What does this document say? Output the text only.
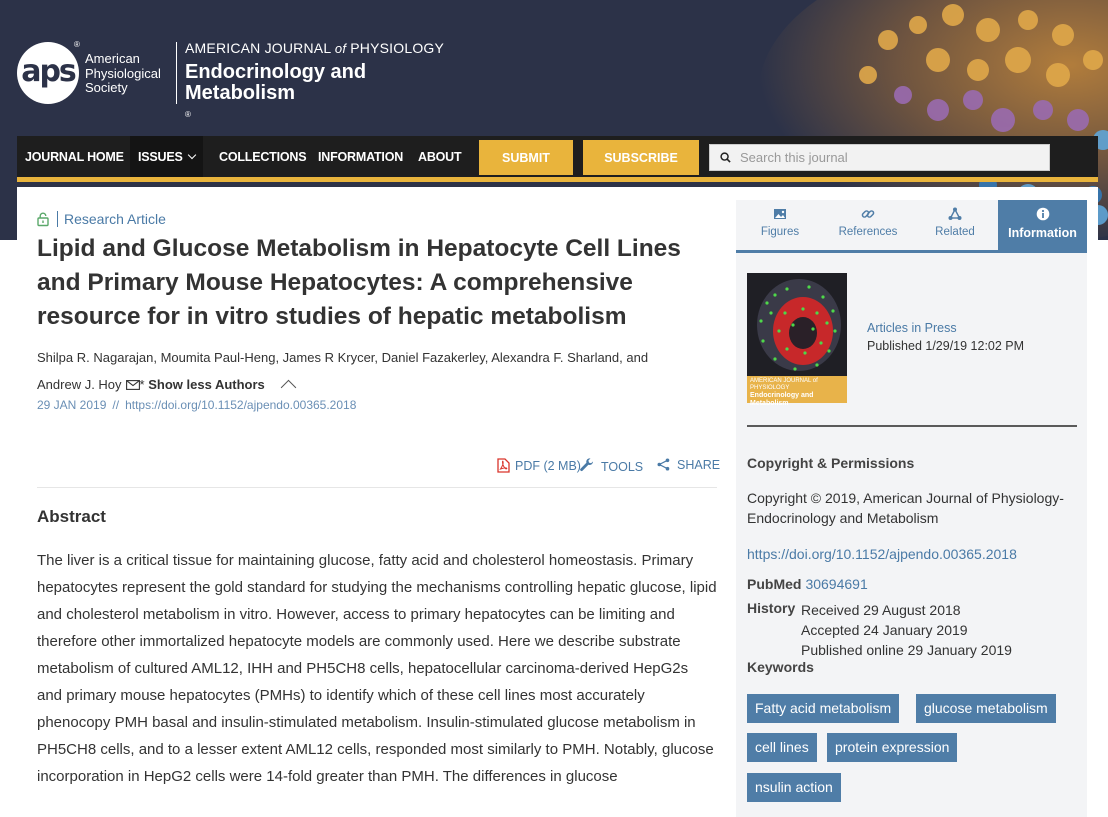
aps
®
American
Physiological
Society
AMERICAN JOURNAL of PHYSIOLOGY
Endocrinology and
Metabolism
®
JOURNAL HOME	ISSUES	COLLECTIONS INFORMATION ABOUT	SUBMIT	SUBSCRIBE
Search this journal
Research Article
Lipid and Glucose Metabolism in Hepatocyte Cell Lines and Primary Mouse Hepatocytes: A comprehensive resource for in vitro studies of hepatic metabolism
Shilpa R. Nagarajan, Moumita Paul-Heng, James R Krycer, Daniel Fazakerley, Alexandra F. Sharland, and
Andrew J. Hoy * Show less Authors
29 JAN 2019 // https://doi.org/10.1152/ajpendo.00365.2018
PDF (2 MB)	TOOLS	SHARE
Abstract
The liver is a critical tissue for maintaining glucose, fatty acid and cholesterol homeostasis. Primary hepatocytes represent the gold standard for studying the mechanisms controlling hepatic glucose, lipid and cholesterol metabolism in vitro. However, access to primary hepatocytes can be limiting and therefore other immortalized hepatocyte models are commonly used. Here we describe substrate metabolism of cultured AML12, IHH and PH5CH8 cells, hepatocellular carcinoma-derived HepG2s and primary mouse hepatocytes (PMHs) to identify which of these cell lines most accurately phenocopy PMH basal and insulin-stimulated metabolism. Insulin-stimulated glucose metabolism in PH5CH8 cells, and to a lesser extent AML12 cells, responded most similarly to PMH. Notably, glucose incorporation in HepG2 cells were 14-fold greater than PMH. The differences in glucose
Figures	References	Related	Information
AMERICAN JOURNAL of PHYSIOLOGY
Endocrinology and
Metabolism
Articles in Press
Published 1/29/19 12:02 PM
Copyright & Permissions
Copyright © 2019, American Journal of Physiology-Endocrinology and Metabolism
https://doi.org/10.1152/ajpendo.00365.2018
PubMed 30694691
History Received 29 August 2018
Accepted 24 January 2019
Published online 29 January 2019
Keywords
Fatty acid metabolism	glucose metabolism
cell lines	protein expression
nsulin action
